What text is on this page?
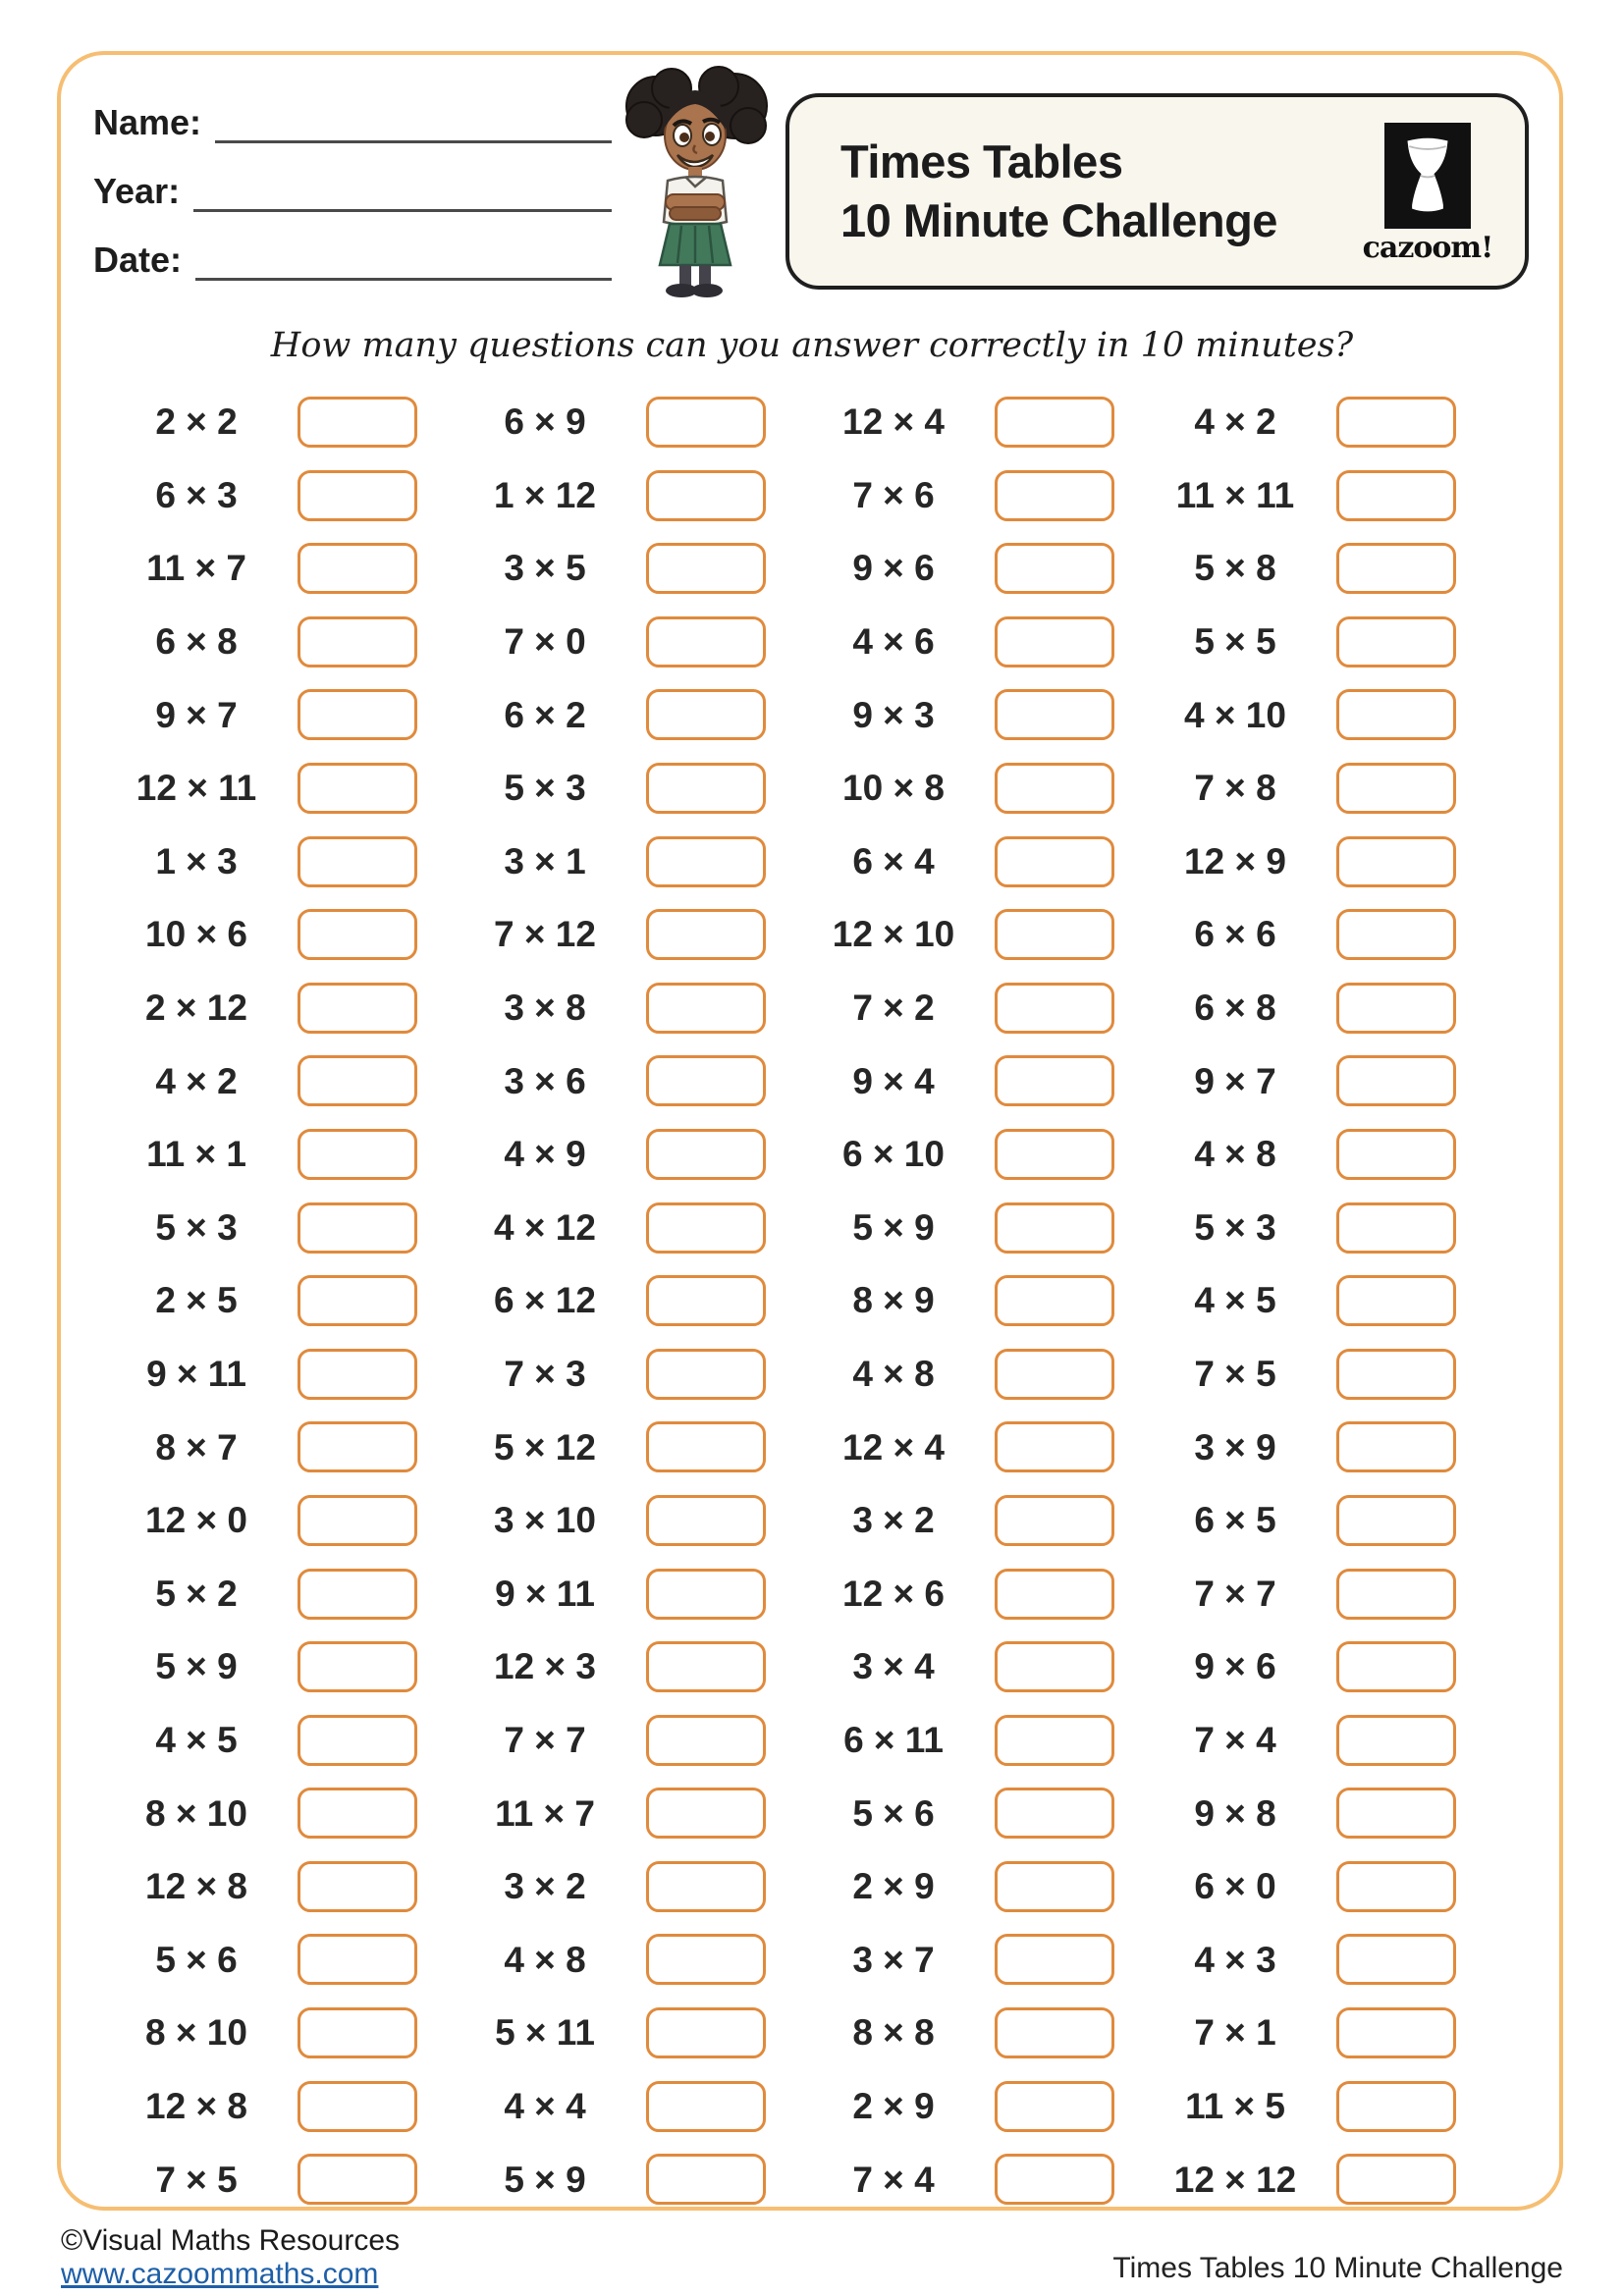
Name:
Year:
Date:
Times Tables
10 Minute Challenge
cazoom!
How many questions can you answer correctly in 10 minutes?
2 × 2
6 × 3
11 × 7
6 × 8
9 × 7
12 × 11
1 × 3
10 × 6
2 × 12
4 × 2
11 × 1
5 × 3
2 × 5
9 × 11
8 × 7
12 × 0
5 × 2
5 × 9
4 × 5
8 × 10
12 × 8
5 × 6
8 × 10
12 × 8
7 × 5
6 × 9
1 × 12
3 × 5
7 × 0
6 × 2
5 × 3
3 × 1
7 × 12
3 × 8
3 × 6
4 × 9
4 × 12
6 × 12
7 × 3
5 × 12
3 × 10
9 × 11
12 × 3
7 × 7
11 × 7
3 × 2
4 × 8
5 × 11
4 × 4
5 × 9
12 × 4
7 × 6
9 × 6
4 × 6
9 × 3
10 × 8
6 × 4
12 × 10
7 × 2
9 × 4
6 × 10
5 × 9
8 × 9
4 × 8
12 × 4
3 × 2
12 × 6
3 × 4
6 × 11
5 × 6
2 × 9
3 × 7
8 × 8
2 × 9
7 × 4
4 × 2
11 × 11
5 × 8
5 × 5
4 × 10
7 × 8
12 × 9
6 × 6
6 × 8
9 × 7
4 × 8
5 × 3
4 × 5
7 × 5
3 × 9
6 × 5
7 × 7
9 × 6
7 × 4
9 × 8
6 × 0
4 × 3
7 × 1
11 × 5
12 × 12
©Visual Maths Resources
www.cazoommaths.com	Times Tables 10 Minute Challenge
